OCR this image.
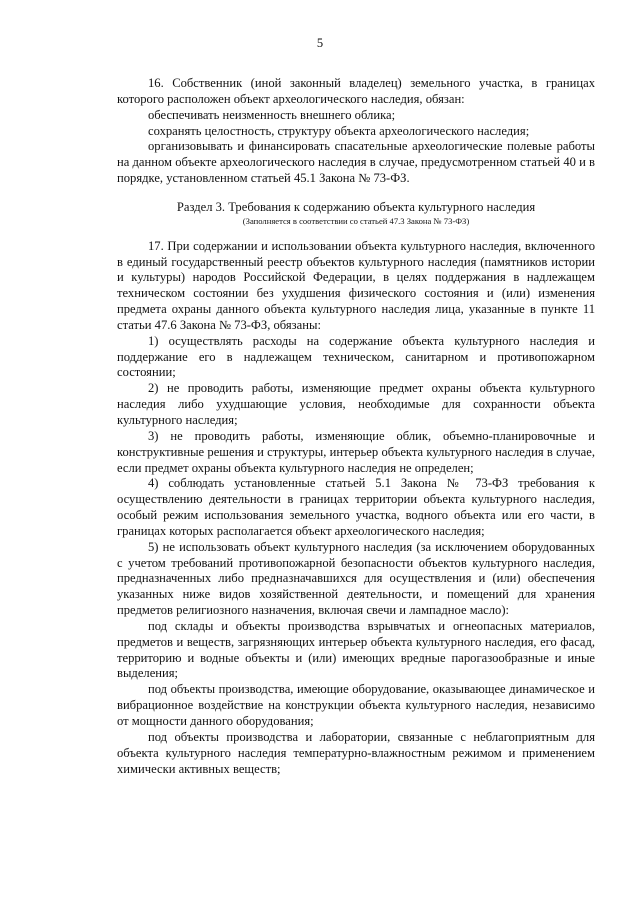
5

16. Собственник (иной законный владелец) земельного участка, в границах которого расположен объект археологического наследия, обязан:

обеспечивать неизменность внешнего облика;

сохранять целостность, структуру объекта археологического наследия;

организовывать и финансировать спасательные археологические полевые работы на данном объекте археологического наследия в случае, предусмотренном статьей 40 и в порядке, установленном статьей 45.1 Закона № 73-ФЗ.

Раздел 3. Требования к содержанию объекта культурного наследия

(Заполняется в соответствии со статьей 47.3 Закона № 73-ФЗ)

17. При содержании и использовании объекта культурного наследия, включенного в единый государственный реестр объектов культурного наследия (памятников истории и культуры) народов Российской Федерации, в целях поддержания в надлежащем техническом состоянии без ухудшения физического состояния и (или) изменения предмета охраны данного объекта культурного наследия лица, указанные в пункте 11 статьи 47.6 Закона № 73-ФЗ, обязаны:

1) осуществлять расходы на содержание объекта культурного наследия и поддержание его в надлежащем техническом, санитарном и противопожарном состоянии;

2) не проводить работы, изменяющие предмет охраны объекта культурного наследия либо ухудшающие условия, необходимые для сохранности объекта культурного наследия;

3) не проводить работы, изменяющие облик, объемно-планировочные и конструктивные решения и структуры, интерьер объекта культурного наследия в случае, если предмет охраны объекта культурного наследия не определен;

4) соблюдать установленные статьей 5.1 Закона № 73-ФЗ требования к осуществлению деятельности в границах территории объекта культурного наследия, особый режим использования земельного участка, водного объекта или его части, в границах которых располагается объект археологического наследия;

5) не использовать объект культурного наследия (за исключением оборудованных с учетом требований противопожарной безопасности объектов культурного наследия, предназначенных либо предназначавшихся для осуществления и (или) обеспечения указанных ниже видов хозяйственной деятельности, и помещений для хранения предметов религиозного назначения, включая свечи и лампадное масло):

под склады и объекты производства взрывчатых и огнеопасных материалов, предметов и веществ, загрязняющих интерьер объекта культурного наследия, его фасад, территорию и водные объекты и (или) имеющих вредные парогазообразные и иные выделения;

под объекты производства, имеющие оборудование, оказывающее динамическое и вибрационное воздействие на конструкции объекта культурного наследия, независимо от мощности данного оборудования;

под объекты производства и лаборатории, связанные с неблагоприятным для объекта культурного наследия температурно-влажностным режимом и применением химически активных веществ;
